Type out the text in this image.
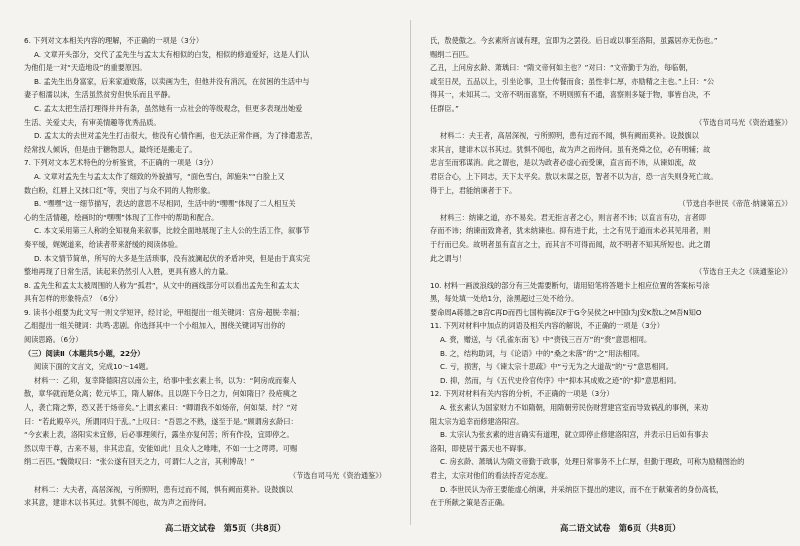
6. 下列对文本相关内容的理解，不正确的一项是（3分）
A. 文章开头部分，交代了孟先生与孟太太有相似的白发，相似的修道爱好，这是人们认
为他们是一对“天造地设”的重要原因。
B. 孟先生出身富家，后来家道败落，以卖画为生，但他并没有消沉，在贫困的生活中与
妻子相濡以沫，生活虽然贫穷但快乐而且平静。
C. 孟太太把生活打理得井井有条，虽然她有一点社会的等级观念，但更多表现出她爱
生活、关爱丈夫，有审美情趣等优秀品质。
D. 孟太太的去世对孟先生打击很大，他没有心情作画，也无法正常作画，为了排遣悲苦，
经常找人倾诉，但是由于糖物思人，最终还是搬走了。
7. 下列对文本艺术特色的分析鉴赏，不正确的一项是（3分）
A. 文章对孟先生与孟太太作了细致的外貌描写，“面色雪白，卸施朱”“白脸上又
数白粉，红唇上又抹口红”等，突出了与众不同的人物形象。
B. “嘿嘿”这一细节描写，表达的意思不尽相同，生活中的“嘿嘿”体现了二人相互关
心的生活情趣，绘画时的“嘿嘿”体现了工作中的帮助和配合。
C. 本文采用第三人称的全知视角来叙事，比较全面地展现了主人公的生活工作，叙事节
奏平缓，娓娓道来，给读者带来舒缓的阅读体验。
D. 本文情节简单，所写的大多是生活琐事，没有波澜起伏的矛盾冲突，但是由于真实完
整地再现了日常生活，读起来仍然引人入胜，更具有感人的力量。
8. 孟先生和孟太太被周围的人称为“孤君”，从文中的画线部分可以看出孟先生和孟太太
具有怎样的形象特点？（6分）
9. 读书小组要为此文写一则文学短评，经讨论，甲组提出一组关键词：宫房·超脱·幸福；
乙组提出一组关键词：共鸣·悲剧。你选择其中一个小组加入，围绕关键词写出你的
阅读思路。（6分）
（三）阅读Ⅱ（本题共5小题，22分）
阅读下面的文言文，完成10～14题。
材料一：乙卯，复幸降德阳宫以南公主，给事中张玄素上书，以为：“阿房成而秦人
散，章华就而楚众离；乾元毕工，隋人解体。且以陛下今日之力，何如隋日？役疮痍之
人，袭亡隋之弊，恐又甚于炀帝矣。”上谓玄素曰：“卿谓我不如炀帝，何如桀、纣？”对
曰：“若此殿卒兴，所谓同归于乱。”上叹曰：“吾思之不熟，遂至于是。”顾谓房玄龄曰：
“今玄素上表，洛阳实未宜修，后必事理须行，露坐亦复何苦；所有作役，宜即停之。
然以卑干尊，古来不易，非其忠直，安能如此！且众人之唯唯，不如一士之谔谔。可赐
绢二百匹。”魏徵叹曰：“张公遂有回天之力，可谓仁人之言，其利博哉！”
（节选自司马光《资治通鉴》）
材料二：大夫者，高居深视，亏所照明，患有过而不闻，惧有阙而莫补。设鼓旗以
求其意，建诽木以书其过。犹惧不闻也，故为声之而待问。
氏，敖使傲之。今玄素所言诚有理，宜即为之罢役。后日或以事至洛阳，虽露居亦无伤也。”
赐绢二百匹。
乙丑，上问房玄龄、萧瑀曰：“隋文帝何如主也？”对曰：“文帝勤于为治，每临朝，
或至日昃，五品以上，引坐论事，卫士传餐而食；虽性非仁厚，亦励精之主也。”上曰：“公
得其一，未知其二。文帝不明而喜察，不明则照有不通，喜察则多疑于物，事皆自决，不
任群臣。”
（节选自司马光《资治通鉴》）
材料二：夫王者，高居深视，亏所照明，患有过而不闻，惧有阙而莫补。设鼓旗以
求其言，建诽木以书其过。犹惧不闻也，故为声之而待问。虽有尧舜之位，必有明辅；故
忠言至而邪谋消。此之谓也，是以为政者必虚心而受谏，直言而不讳，从谏如流，故
君臣合心，上下同志，天下太平矣。敖以未谋之臣，智者不以为言，恐一言失则身死亡故。
得于上，君能纳谏者于下。
（节选自李世民《帝范·纳谏第五》）
材料三：纳谏之道，亦不易矣。君无拒言者之心，则言者不讳；以直言有功，言者即
存而不讳；纳谏而致谗者，犹未纳谏也。抑有进于此，士之有见于道而未必其见用者，则
于行而已矣。故明者虽有直言之士，而其言不可得而闻，故不明者不知其所短也。此之谓
此之谓与！
（节选自王夫之《读通鉴论》）
10. 材料一画波浪线的部分有三处需要断句，请用铅笔将答题卡上相应位置的答案标号涂
黑，每处填一处给1分，涂黑超过三处不给分。
要命周A蒋德之B宫C再D而西七国构祸E汉F于G令吴侯之H中国I为J安K敖L之M吾N知O
11. 下列对材料中加点的词语及相关内容的解说，不正确的一项是（3分）
A. 赍，赠送，与《孔雀东南飞》中“赍钱三百万”的“赍”意思相同。
B. 之，结构助词，与《论语》中的“桑之未落”的“之”用法相同。
C. 亏，损害，与《谏太宗十思疏》中“亏无为之大道哉”的“亏”意思相同。
D. 抑，然而，与《五代史伶官传序》中“抑本其成败之迹”的“抑”意思相同。
12. 下列对材料有关内容的分析，不正确的一项是（3分）
A. 张玄素认为国家财力不如隋朝，用隋朝劳民伤财营建宫室而导致祸乱的事例，来劝
阻太宗为追幸而修建洛阳宫。
B. 太宗认为张玄素的进言确实有道理，就立即停止修建洛阳宫，并表示日后如有事去
洛阳，即使居于露天也不碍事。
C. 房玄龄、萧瑀认为隋文帝勤于政事，处理日常事务不上仁厚，但勤于理政，可称为励精图治的
君主，太宗对他们的看法持否定态度。
D. 李世民认为帝王要能虚心纳谏，并采纳臣下提出的建议，而不在于献策者的身份高低，
在于所献之策是否正确。
高二语文试卷　第5页（共8页）	高二语文试卷　第6页（共8页）
